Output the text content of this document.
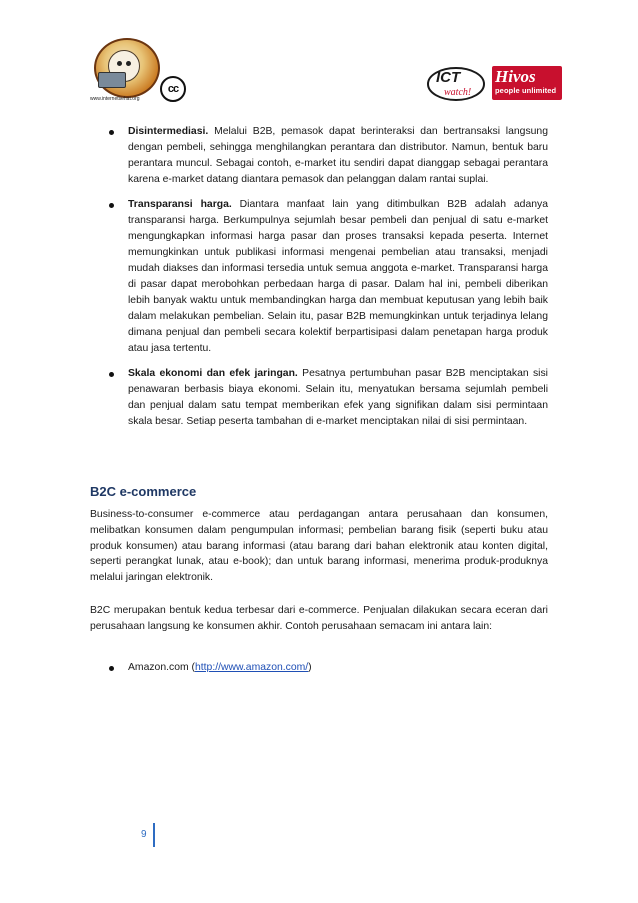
www.internetsehat.org
cc
ICT
watch!
Hivos
people unlimited
Disintermediasi. Melalui B2B, pemasok dapat berinteraksi dan bertransaksi langsung dengan pembeli, sehingga menghilangkan perantara dan distributor. Namun, bentuk baru perantara muncul. Sebagai contoh, e-market itu sendiri dapat dianggap sebagai perantara karena e-market datang diantara pemasok dan pelanggan dalam rantai suplai.
Transparansi harga. Diantara manfaat lain yang ditimbulkan B2B adalah adanya transparansi harga. Berkumpulnya sejumlah besar pembeli dan penjual di satu e-market mengungkapkan informasi harga pasar dan proses transaksi kepada peserta. Internet memungkinkan untuk publikasi informasi mengenai pembelian atau transaksi, menjadi mudah diakses dan informasi tersedia untuk semua anggota e-market. Transparansi harga di pasar dapat merobohkan perbedaan harga di pasar. Dalam hal ini, pembeli diberikan lebih banyak waktu untuk membandingkan harga dan membuat keputusan yang lebih baik dalam melakukan pembelian. Selain itu, pasar B2B memungkinkan untuk terjadinya lelang dimana penjual dan pembeli secara kolektif berpartisipasi dalam penetapan harga produk atau jasa tertentu.
Skala ekonomi dan efek jaringan. Pesatnya pertumbuhan pasar B2B menciptakan sisi penawaran berbasis biaya ekonomi. Selain itu, menyatukan bersama sejumlah pembeli dan penjual dalam satu tempat memberikan efek yang signifikan dalam sisi permintaan skala besar. Setiap peserta tambahan di e-market menciptakan nilai di sisi permintaan.
B2C e-commerce

Business-to-consumer e-commerce atau perdagangan antara perusahaan dan konsumen, melibatkan konsumen dalam pengumpulan informasi; pembelian barang fisik (seperti buku atau produk konsumen) atau barang informasi (atau barang dari bahan elektronik atau konten digital, seperti perangkat lunak, atau e-book); dan untuk barang informasi, menerima produk-produknya melalui jaringan elektronik.

B2C merupakan bentuk kedua terbesar dari e-commerce. Penjualan dilakukan secara eceran dari perusahaan langsung ke konsumen akhir. Contoh perusahaan semacam ini antara lain:

Amazon.com (http://www.amazon.com/)
9
